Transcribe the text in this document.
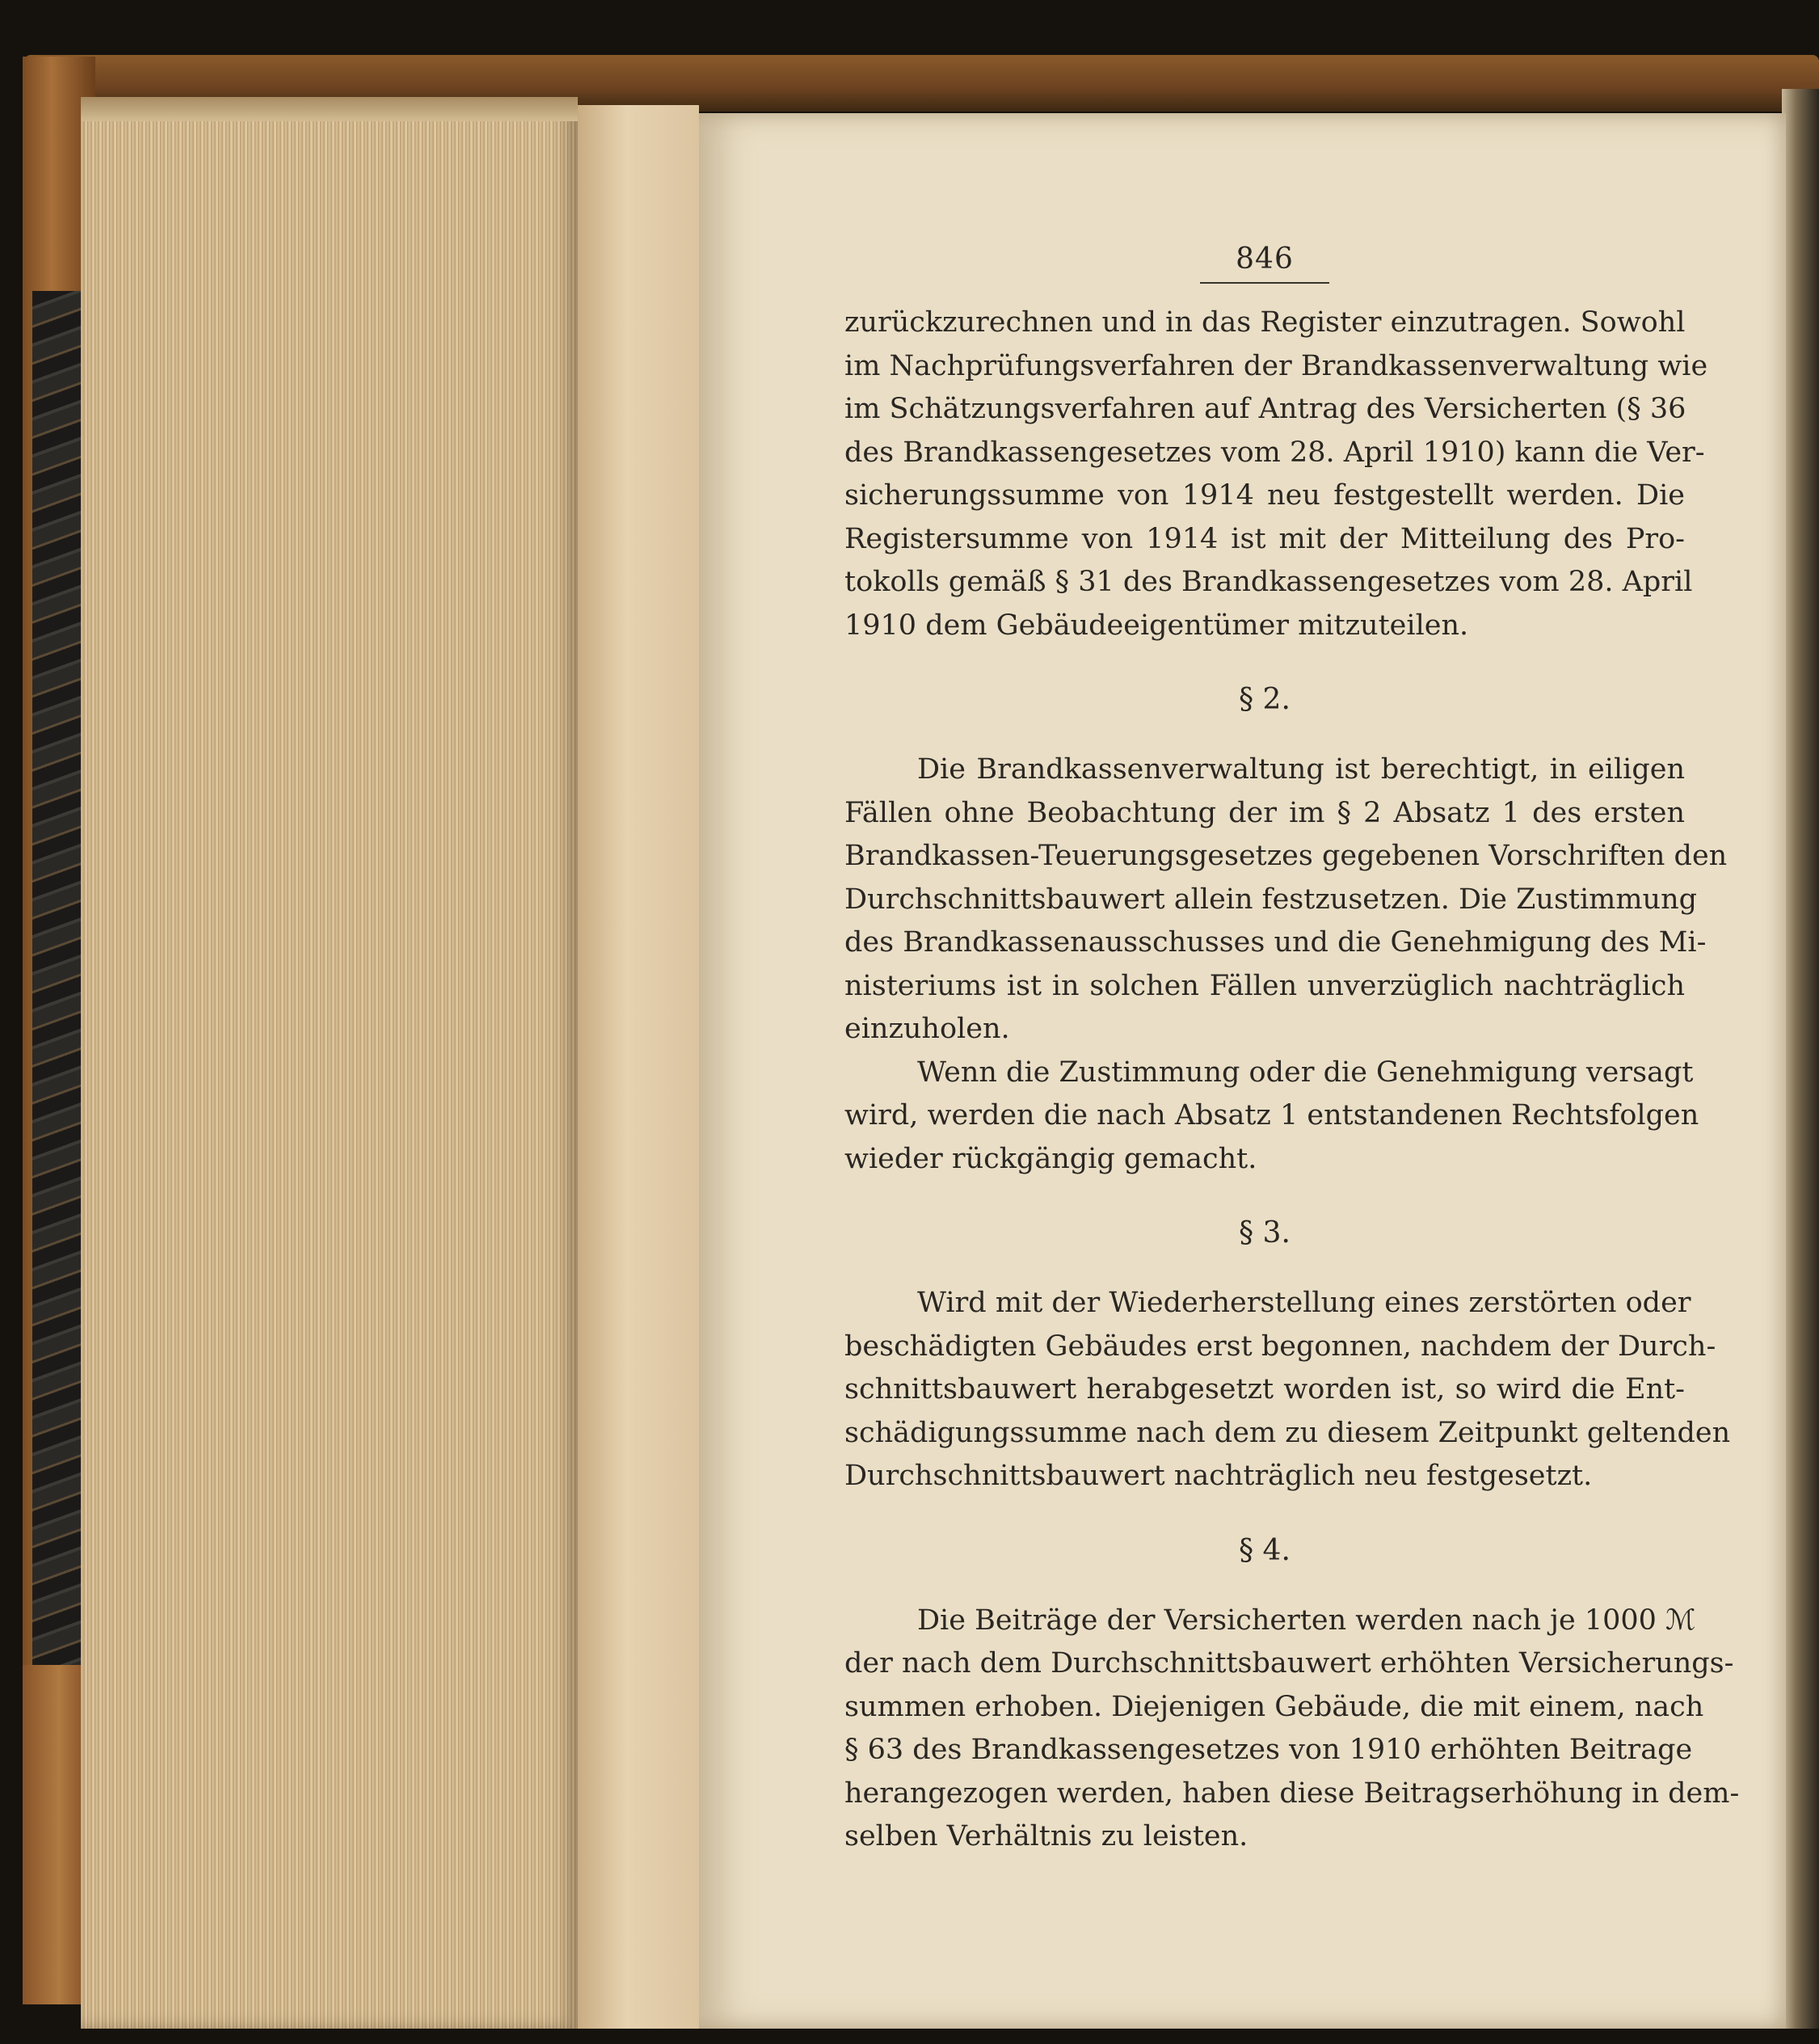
846

zurückzurechnen und in das Register einzutragen. Sowohl

im Nachprüfungsverfahren der Brandkassenverwaltung wie

im Schätzungsverfahren auf Antrag des Versicherten (§ 36

des Brandkassengesetzes vom 28. April 1910) kann die Ver-

sicherungssumme von 1914 neu festgestellt werden. Die

Registersumme von 1914 ist mit der Mitteilung des Pro-

tokolls gemäß § 31 des Brandkassengesetzes vom 28. April

1910 dem Gebäudeeigentümer mitzuteilen.

§ 2.

Die Brandkassenverwaltung ist berechtigt, in eiligen

Fällen ohne Beobachtung der im § 2 Absatz 1 des ersten

Brandkassen-Teuerungsgesetzes gegebenen Vorschriften den

Durchschnittsbauwert allein festzusetzen. Die Zustimmung

des Brandkassenausschusses und die Genehmigung des Mi-

nisteriums ist in solchen Fällen unverzüglich nachträglich

einzuholen.

Wenn die Zustimmung oder die Genehmigung versagt

wird, werden die nach Absatz 1 entstandenen Rechtsfolgen

wieder rückgängig gemacht.

§ 3.

Wird mit der Wiederherstellung eines zerstörten oder

beschädigten Gebäudes erst begonnen, nachdem der Durch-

schnittsbauwert herabgesetzt worden ist, so wird die Ent-

schädigungssumme nach dem zu diesem Zeitpunkt geltenden

Durchschnittsbauwert nachträglich neu festgesetzt.

§ 4.

Die Beiträge der Versicherten werden nach je 1000 ℳ

der nach dem Durchschnittsbauwert erhöhten Versicherungs-

summen erhoben. Diejenigen Gebäude, die mit einem, nach

§ 63 des Brandkassengesetzes von 1910 erhöhten Beitrage

herangezogen werden, haben diese Beitragserhöhung in dem-

selben Verhältnis zu leisten.
